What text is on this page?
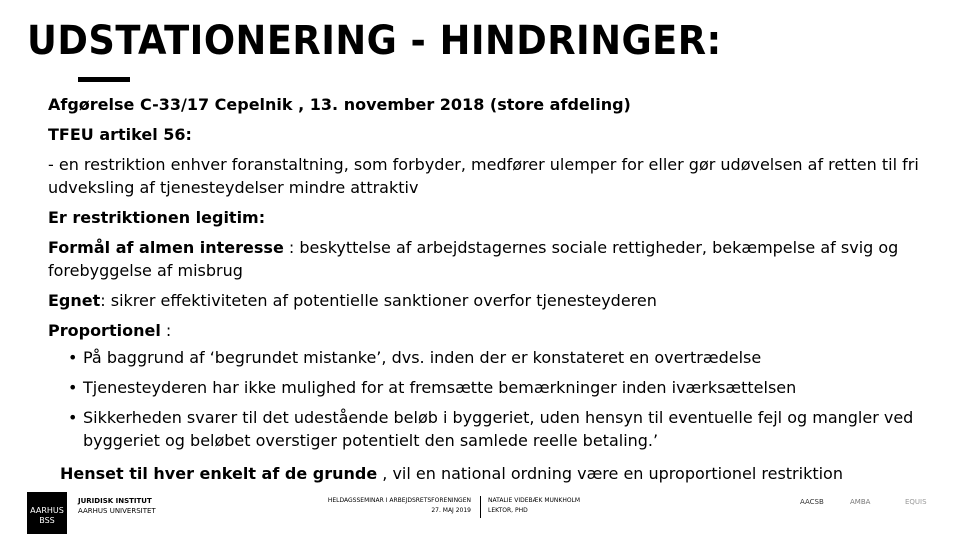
UDSTATIONERING - HINDRINGER:

Afgørelse C-33/17 Cepelnik , 13. november 2018 (store afdeling)

TFEU artikel 56:

- en restriktion enhver foranstaltning, som forbyder, medfører ulemper for eller gør udøvelsen af retten til fri udveksling af tjenesteydelser mindre attraktiv

Er restriktionen legitim:

Formål af almen interesse : beskyttelse af arbejdstagernes sociale rettigheder, bekæmpelse af svig og forebyggelse af misbrug

Egnet: sikrer effektiviteten af potentielle sanktioner overfor tjenesteyderen

Proportionel :

• På baggrund af ‘begrundet mistanke’, dvs. inden der er konstateret en overtrædelse
• Tjenesteyderen har ikke mulighed for at fremsætte bemærkninger inden iværksættelsen
• Sikkerheden svarer til det udestående beløb i byggeriet, uden hensyn til eventuelle fejl og mangler ved byggeriet og beløbet overstiger potentielt den samlede reelle betaling.’
Henset til hver enkelt af de grunde , vil en national ordning være en uproportionel restriktion
AARHUS
BSS
JURIDISK INSTITUT
AARHUS UNIVERSITET
HELDAGSSEMINAR I ARBEJDSRETSFORENINGEN
27. MAJ 2019
NATALIE VIDEBÆK MUNKHOLM
LEKTOR, PHD
AACSB	AMBA	EQUIS
